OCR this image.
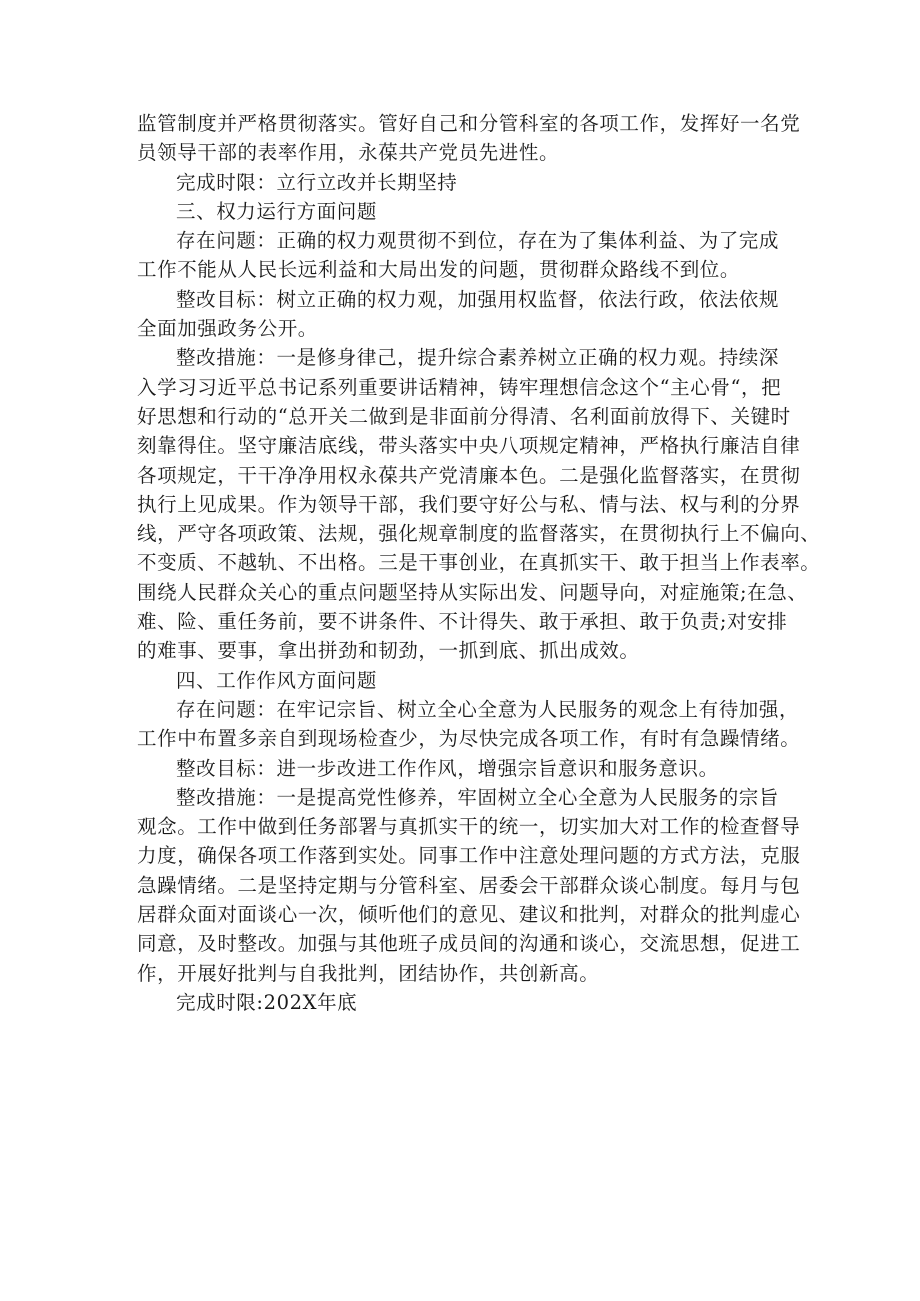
监管制度并严格贯彻落实。管好自己和分管科室的各项工作，发挥好一名党
员领导干部的表率作用，永葆共产党员先进性。
完成时限：立行立改并长期坚持
三、权力运行方面问题
存在问题：正确的权力观贯彻不到位，存在为了集体利益、为了完成
工作不能从人民长远利益和大局出发的问题，贯彻群众路线不到位。
整改目标：树立正确的权力观，加强用权监督，依法行政，依法依规
全面加强政务公开。
整改措施：一是修身律己，提升综合素养树立正确的权力观。持续深
入学习习近平总书记系列重要讲话精神，铸牢理想信念这个“主心骨“，把
好思想和行动的“总开关二做到是非面前分得清、名利面前放得下、关键时
刻靠得住。坚守廉洁底线，带头落实中央八项规定精神，严格执行廉洁自律
各项规定，干干净净用权永葆共产党清廉本色。二是强化监督落实，在贯彻
执行上见成果。作为领导干部，我们要守好公与私、情与法、权与利的分界
线，严守各项政策、法规，强化规章制度的监督落实，在贯彻执行上不偏向、
不变质、不越轨、不出格。三是干事创业，在真抓实干、敢于担当上作表率。
围绕人民群众关心的重点问题坚持从实际出发、问题导向，对症施策;在急、
难、险、重任务前，要不讲条件、不计得失、敢于承担、敢于负责;对安排
的难事、要事，拿出拼劲和韧劲，一抓到底、抓出成效。
四、工作作风方面问题
存在问题：在牢记宗旨、树立全心全意为人民服务的观念上有待加强，
工作中布置多亲自到现场检查少，为尽快完成各项工作，有时有急躁情绪。
整改目标：进一步改进工作作风，增强宗旨意识和服务意识。
整改措施：一是提高党性修养，牢固树立全心全意为人民服务的宗旨
观念。工作中做到任务部署与真抓实干的统一，切实加大对工作的检查督导
力度，确保各项工作落到实处。同事工作中注意处理问题的方式方法，克服
急躁情绪。二是坚持定期与分管科室、居委会干部群众谈心制度。每月与包
居群众面对面谈心一次，倾听他们的意见、建议和批判，对群众的批判虚心
同意，及时整改。加强与其他班子成员间的沟通和谈心，交流思想，促进工
作，开展好批判与自我批判，团结协作，共创新高。
完成时限:202X年底
